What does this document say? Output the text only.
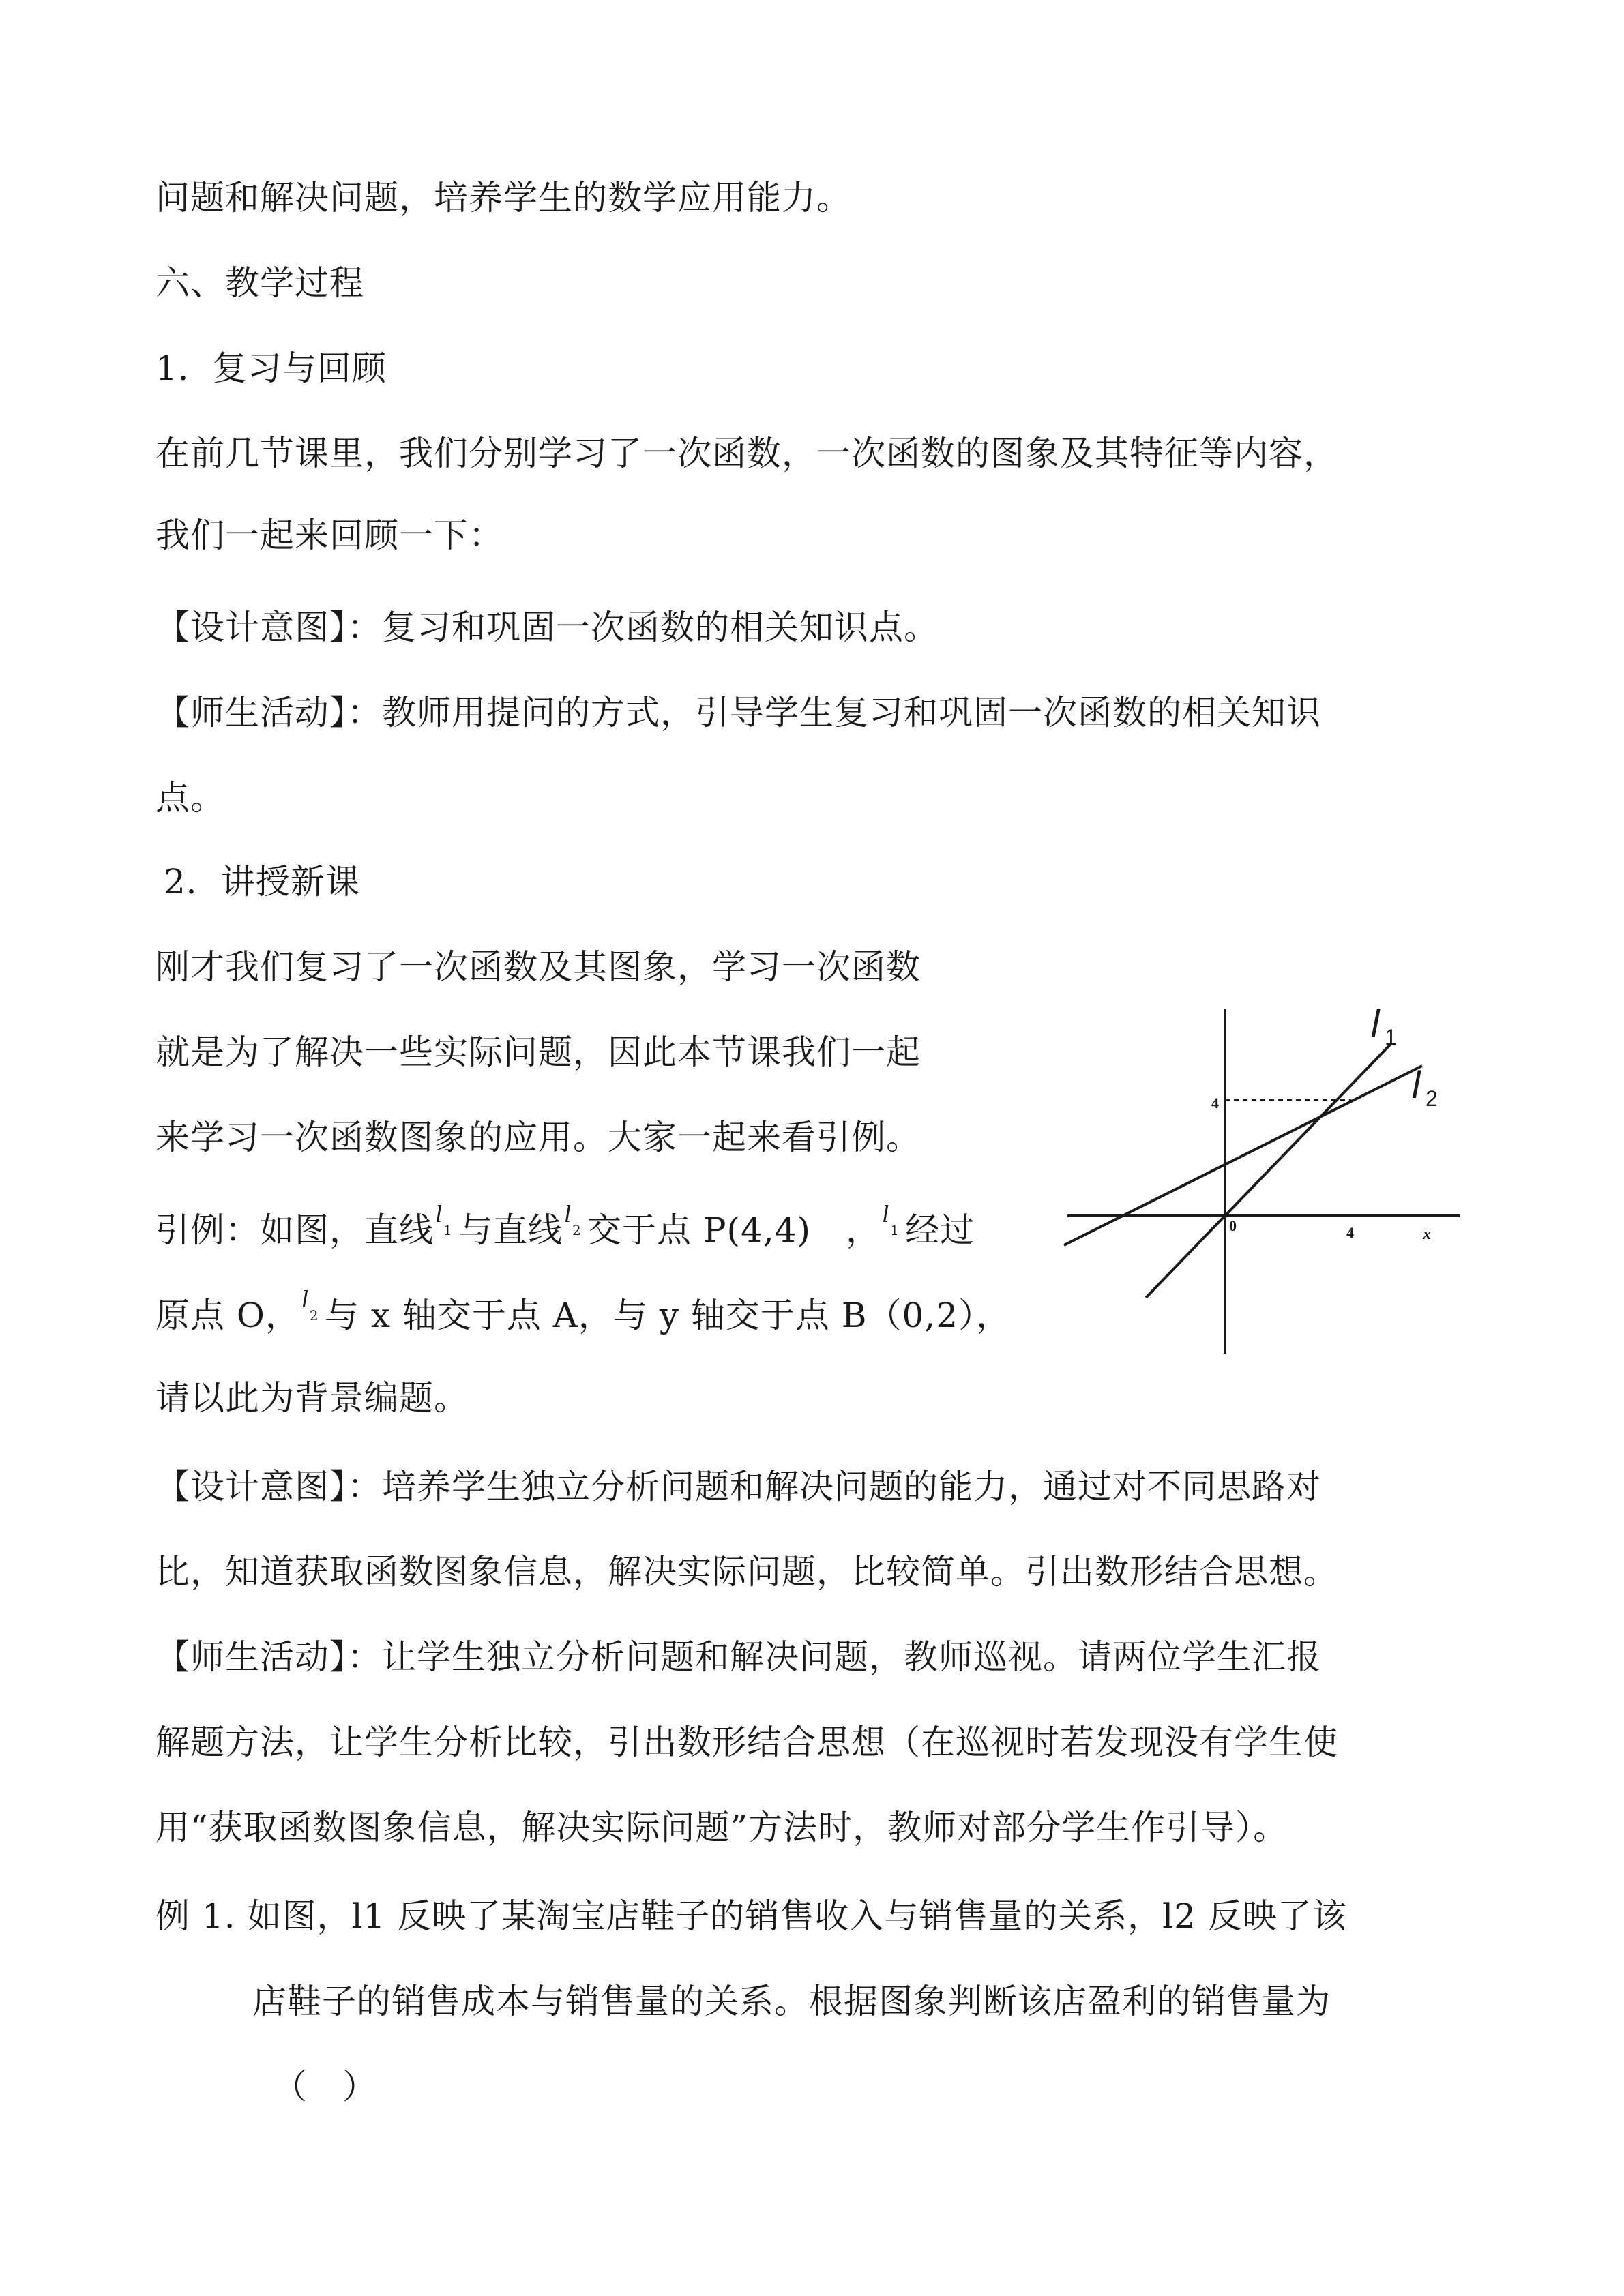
问题和解决问题，培养学生的数学应用能力。
六、教学过程
1．复习与回顾
在前几节课里，我们分别学习了一次函数，一次函数的图象及其特征等内容，
我们一起来回顾一下：
【设计意图】：复习和巩固一次函数的相关知识点。
【师生活动】：教师用提问的方式，引导学生复习和巩固一次函数的相关知识
点。
2．讲授新课
刚才我们复习了一次函数及其图象，学习一次函数
就是为了解决一些实际问题，因此本节课我们一起
来学习一次函数图象的应用。大家一起来看引例。
引例：如图，直线 l
1 与直线 l
2 交于点 P(4,4)　， l
1 经过
原点 O， l
2 与 x 轴交于点 A，与 y 轴交于点 B（0,2），
请以此为背景编题。
【设计意图】：培养学生独立分析问题和解决问题的能力，通过对不同思路对
比，知道获取函数图象信息，解决实际问题，比较简单。引出数形结合思想。
【师生活动】：让学生独立分析问题和解决问题，教师巡视。请两位学生汇报
解题方法，让学生分析比较，引出数形结合思想（在巡视时若发现没有学生使
用“获取函数图象信息，解决实际问题”方法时，教师对部分学生作引导）。
例 1. 如图，l1 反映了某淘宝店鞋子的销售收入与销售量的关系，l2 反映了该
店鞋子的销售成本与销售量的关系。根据图象判断该店盈利的销售量为
（　）
l 1
l 2
4
4
0	x
